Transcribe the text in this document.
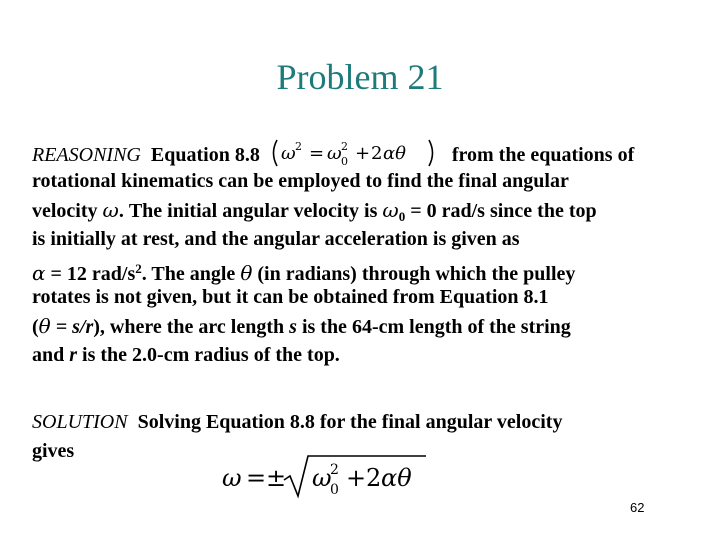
Problem 21
REASONING Equation 8.8 ω 2 = ω 2
0 + 2 αθ from the equations of
rotational kinematics can be employed to find the final angular
velocity ω. The initial angular velocity is $\omega_0 = 0$ rad/s since the top
is initially at rest, and the angular acceleration is given as
α = 12 rad/$s^2$. The angle θ (in radians) through which the pulley
rotates is not given, but it can be obtained from Equation 8.1
(θ = s/r), where the arc length s is the 64-cm length of the string
and r is the 2.0-cm radius of the top.
SOLUTION Solving Equation 8.8 for the final angular velocity
gives
ω = ± ω
2
0 + 2 αθ
62
